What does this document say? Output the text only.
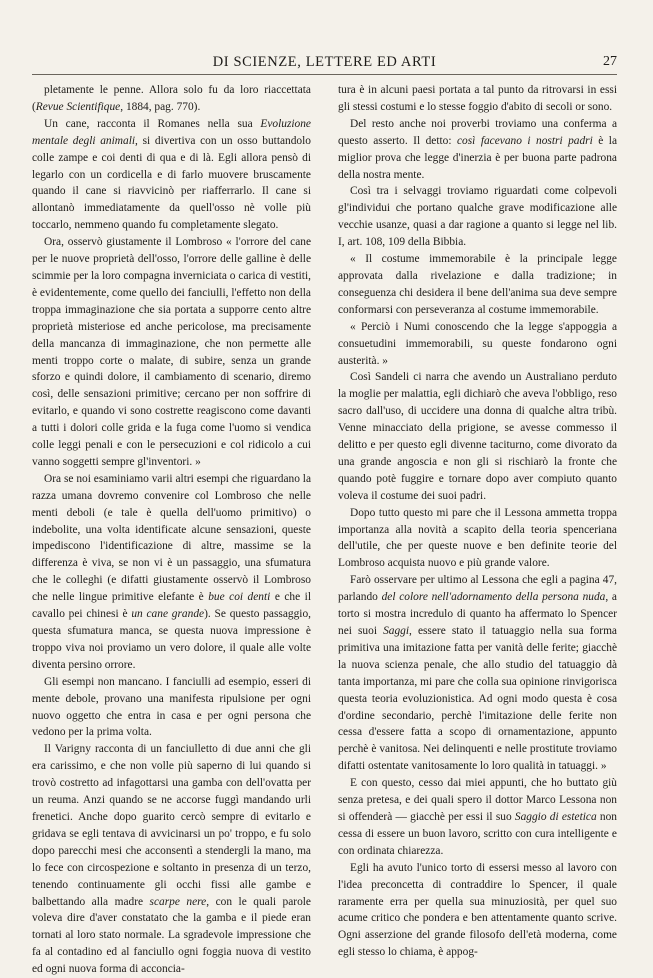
DI SCIENZE, LETTERE ED ARTI	27

pletamente le penne. Allora solo fu da loro riaccettata (Revue Scientifique, 1884, pag. 770).

Un cane, racconta il Romanes nella sua Evoluzione mentale degli animali, si divertiva con un osso buttandolo colle zampe e coi denti di qua e di là. Egli allora pensò di legarlo con un cordicella e di farlo muovere bruscamente quando il cane si riavvicinò per riafferrarlo. Il cane si allontanò immediatamente da quell'osso nè volle più toccarlo, nemmeno quando fu completamente slegato.

Ora, osservò giustamente il Lombroso « l'orrore del cane per le nuove proprietà dell'osso, l'orrore delle galline è delle scimmie per la loro compagna inverniciata o carica di vestiti, è evidentemente, come quello dei fanciulli, l'effetto non della troppa immaginazione che sia portata a supporre cento altre proprietà misteriose ed anche pericolose, ma precisamente della mancanza di immaginazione, che non permette alle menti troppo corte o malate, di subire, senza un grande sforzo e quindi dolore, il cambiamento di scenario, diremo così, delle sensazioni primitive; cercano per non soffrire di evitarlo, e quando vi sono costrette reagiscono come davanti a tutti i dolori colle grida e la fuga come l'uomo si vendica colle leggi penali e con le persecuzioni e col ridicolo a cui vanno soggetti sempre gl'inventori. »

Ora se noi esaminiamo varii altri esempi che riguardano la razza umana dovremo convenire col Lombroso che nelle menti deboli (e tale è quella dell'uomo primitivo) o indebolite, una volta identificate alcune sensazioni, queste impediscono l'identificazione di altre, massime se la differenza è viva, se non vi è un passaggio, una sfumatura che le colleghi (e difatti giustamente osservò il Lombroso che nelle lingue primitive elefante è bue coi denti e che il cavallo pei chinesi è un cane grande). Se questo passaggio, questa sfumatura manca, se questa nuova impressione è troppo viva noi proviamo un vero dolore, il quale alle volte diventa persino orrore.

Gli esempi non mancano. I fanciulli ad esempio, esseri di mente debole, provano una manifesta ripulsione per ogni nuovo oggetto che entra in casa e per ogni persona che vedono per la prima volta.

Il Varigny racconta di un fanciulletto di due anni che gli era carissimo, e che non volle più saperno di lui quando si trovò costretto ad infagottarsi una gamba con dell'ovatta per un reuma. Anzi quando se ne accorse fuggì mandando urli frenetici. Anche dopo guarito cercò sempre di evitarlo e gridava se egli tentava di avvicinarsi un po' troppo, e fu solo dopo parecchi mesi che acconsentì a stendergli la mano, ma lo fece con circospezione e soltanto in presenza di un terzo, tenendo continuamente gli occhi fissi alle gambe e balbettando alla madre scarpe nere, con le quali parole voleva dire d'aver constatato che la gamba e il piede eran tornati al loro stato normale. La sgradevole impressione che fa al contadino ed al fanciullo ogni foggia nuova di vestito ed ogni nuova forma di acconcia-

tura è in alcuni paesi portata a tal punto da ritrovarsi in essi gli stessi costumi e lo stesse foggio d'abito di secoli or sono.

Del resto anche noi proverbi troviamo una conferma a questo asserto. Il detto: così facevano i nostri padri è la miglior prova che legge d'inerzia è per buona parte padrona della nostra mente.

Così tra i selvaggi troviamo riguardati come colpevoli gl'individui che portano qualche grave modificazione alle vecchie usanze, quasi a dar ragione a quanto si legge nel lib. I, art. 108, 109 della Bibbia.

« Il costume immemorabile è la principale legge approvata dalla rivelazione e dalla tradizione; in conseguenza chi desidera il bene dell'anima sua deve sempre conformarsi con perseveranza al costume immemorabile.

« Perciò i Numi conoscendo che la legge s'appoggia a consuetudini immemorabili, su queste fondarono ogni austerità. »

Così Sandeli ci narra che avendo un Australiano perduto la moglie per malattia, egli dichiarò che aveva l'obbligo, reso sacro dall'uso, di uccidere una donna di qualche altra tribù. Venne minacciato della prigione, se avesse commesso il delitto e per questo egli divenne taciturno, come divorato da una grande angoscia e non gli si rischiarò la fronte che quando potè fuggire e tornare dopo aver compiuto quanto voleva il costume dei suoi padri.

Dopo tutto questo mi pare che il Lessona ammetta troppa importanza alla novità a scapito della teoria spenceriana dell'utile, che per queste nuove e ben definite teorie del Lombroso acquista nuovo e più grande valore.

Farò osservare per ultimo al Lessona che egli a pagina 47, parlando del colore nell'adornamento della persona nuda, a torto si mostra incredulo di quanto ha affermato lo Spencer nei suoi Saggi, essere stato il tatuaggio nella sua forma primitiva una imitazione fatta per vanità delle ferite; giacchè la nuova scienza penale, che allo studio del tatuaggio dà tanta importanza, mi pare che colla sua opinione rinvigorisca questa teoria evoluzionistica. Ad ogni modo questa è cosa d'ordine secondario, perchè l'imitazione delle ferite non cessa d'essere fatta a scopo di ornamentazione, appunto perchè è vanitosa. Nei delinquenti e nelle prostitute troviamo difatti ostentate vanitosamente lo loro qualità in tatuaggi. »

E con questo, cesso dai miei appunti, che ho buttato giù senza pretesa, e dei quali spero il dottor Marco Lessona non si offenderà — giacchè per essi il suo Saggio di estetica non cessa di essere un buon lavoro, scritto con cura intelligente e con ordinata chiarezza.

Egli ha avuto l'unico torto di essersi messo al lavoro con l'idea preconcetta di contraddire lo Spencer, il quale raramente erra per quella sua minuziosità, per quel suo acume critico che pondera e ben attentamente quanto scrive. Ogni asserzione del grande filosofo dell'età moderna, come egli stesso lo chiama, è appog-
